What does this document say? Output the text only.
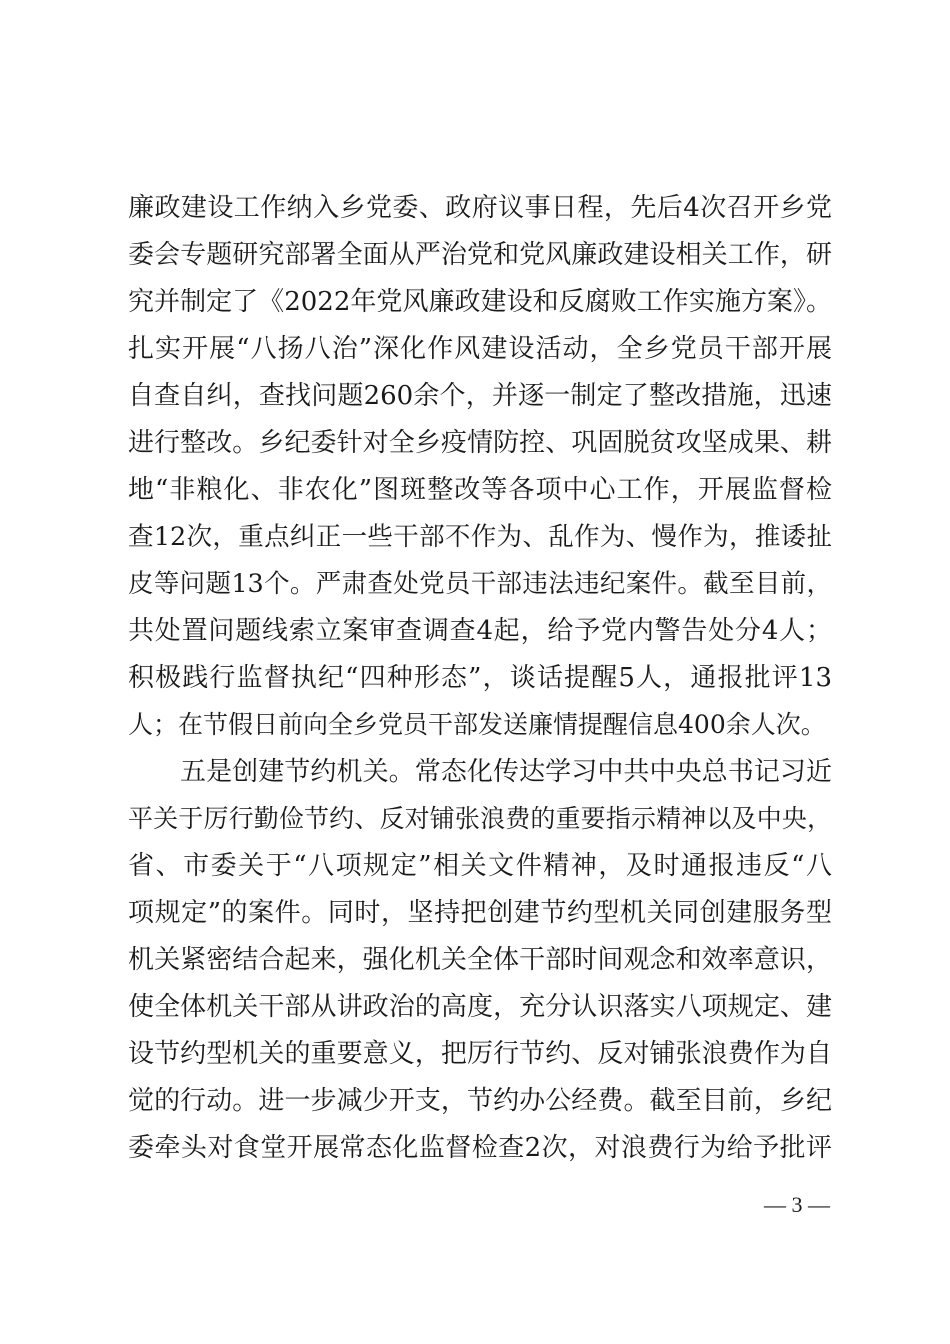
廉政建设工作纳入乡党委、政府议事日程，先后4次召开乡党
委会专题研究部署全面从严治党和党风廉政建设相关工作，研
究并制定了《2022年党风廉政建设和反腐败工作实施方案》。
扎实开展“八扬八治”深化作风建设活动，全乡党员干部开展
自查自纠，查找问题260余个，并逐一制定了整改措施，迅速
进行整改。乡纪委针对全乡疫情防控、巩固脱贫攻坚成果、耕
地“非粮化、非农化”图斑整改等各项中心工作，开展监督检
查12次，重点纠正一些干部不作为、乱作为、慢作为，推诿扯
皮等问题13个。严肃查处党员干部违法违纪案件。截至目前，
共处置问题线索立案审查调查4起，给予党内警告处分4人；
积极践行监督执纪“四种形态”，谈话提醒5人，通报批评13
人；在节假日前向全乡党员干部发送廉情提醒信息400余人次。
五是创建节约机关。常态化传达学习中共中央总书记习近
平关于厉行勤俭节约、反对铺张浪费的重要指示精神以及中央，
省、市委关于“八项规定”相关文件精神，及时通报违反“八
项规定”的案件。同时，坚持把创建节约型机关同创建服务型
机关紧密结合起来，强化机关全体干部时间观念和效率意识，
使全体机关干部从讲政治的高度，充分认识落实八项规定、建
设节约型机关的重要意义，把厉行节约、反对铺张浪费作为自
觉的行动。进一步减少开支，节约办公经费。截至目前，乡纪
委牵头对食堂开展常态化监督检查2次，对浪费行为给予批评
— 3 —
